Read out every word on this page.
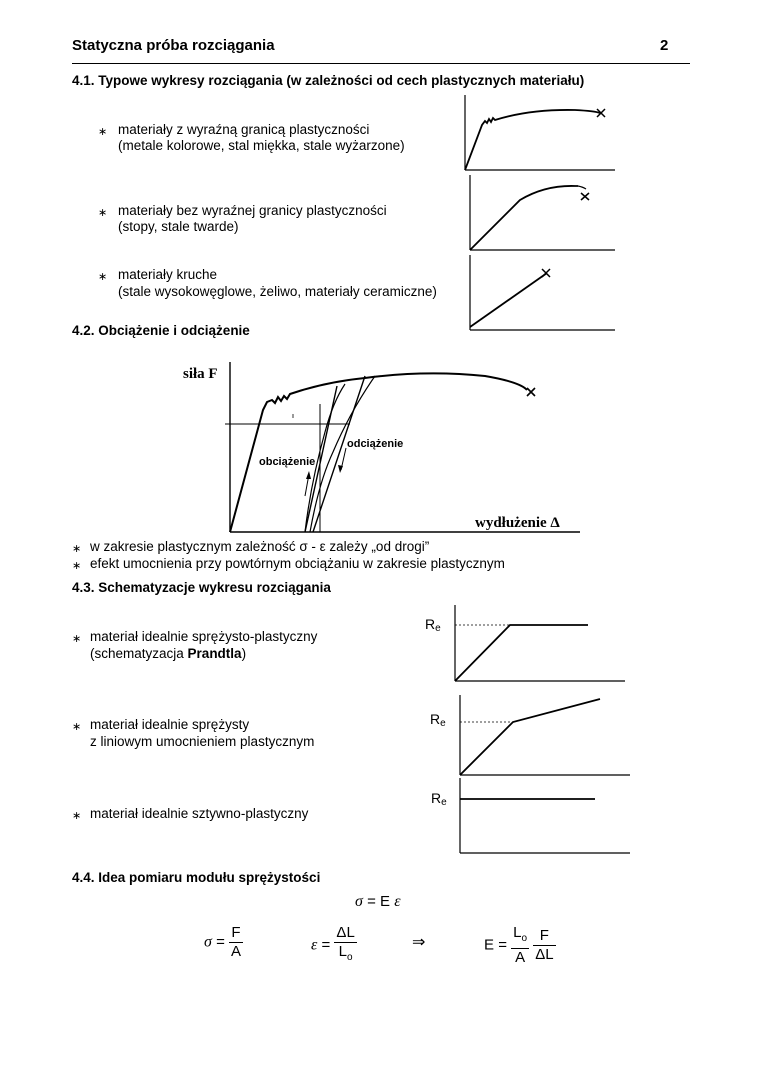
Statyczna próba rozciągania	2
4.1. Typowe wykresy rozciągania (w zależności od cech plastycznych materiału)
∗ materiały z wyraźną granicą plastyczności
(metale kolorowe, stal miękka, stale wyżarzone)
∗ materiały bez wyraźnej granicy plastyczności
(stopy, stale twarde)
∗ materiały kruche
(stale wysokowęglowe, żeliwo, materiały ceramiczne)
4.2. Obciążenie i odciążenie
siła F
wydłużenie Δ
obciążenie
odciążenie
∗ w zakresie plastycznym zależność σ - ε zależy „od drogi”
∗ efekt umocnienia przy powtórnym obciążaniu w zakresie plastycznym
4.3. Schematyzacje wykresu rozciągania
∗ materiał idealnie sprężysto-plastyczny
(schematyzacja Prandtla)
∗ materiał idealnie sprężysty
z liniowym umocnieniem plastycznym
∗ materiał idealnie sztywno-plastyczny
$R_e$
$R_e$
$R_e$
4.4. Idea pomiaru modułu sprężystości
σ = E ε
$\sigma = \frac{F}{A}$	$\varepsilon = \frac{\Delta L}{L_o}$	⇒	$E = \frac{L_o}{A}$
$\frac{F}{\Delta L}$
